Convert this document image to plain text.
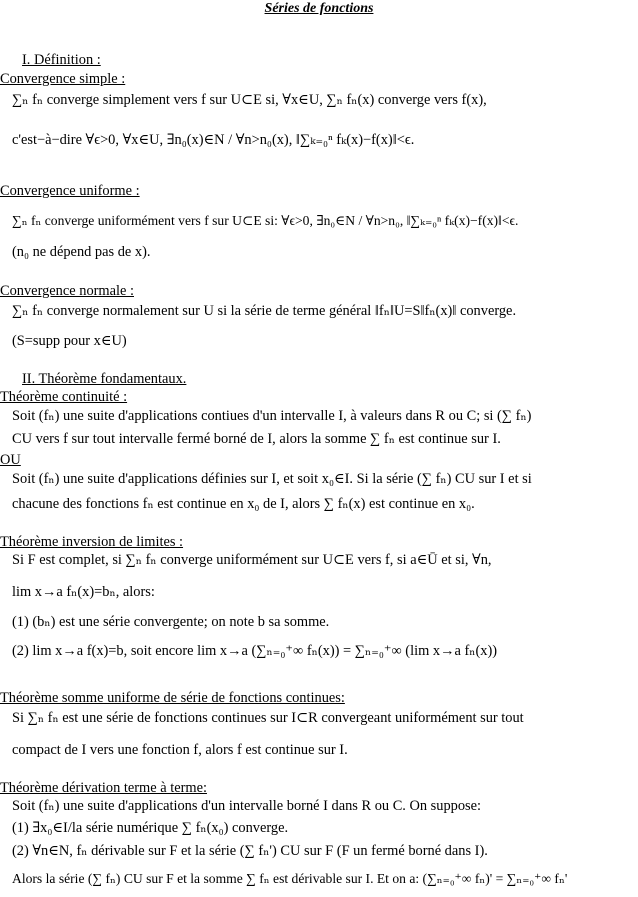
Séries de fonctions
I. Définition :
Convergence simple :
∑ₙ fₙ converge simplement vers f sur U⊂E si, ∀x∈U, ∑ₙ fₙ(x) converge vers f(x),
c'est−à−dire ∀ϵ>0, ∀x∈U, ∃n₀(x)∈N / ∀n>n₀(x), ‖∑ₖ₌₀ⁿ fₖ(x)−f(x)‖<ϵ.
Convergence uniforme :
∑ₙ fₙ converge uniformément vers f sur U⊂E si: ∀ϵ>0, ∃n₀∈N / ∀n>n₀, ‖∑ₖ₌₀ⁿ fₖ(x)−f(x)‖<ϵ.
(n₀ ne dépend pas de x).
Convergence normale :
∑ₙ fₙ converge normalement sur U si la série de terme général ‖fₙ‖U=S‖fₙ(x)‖ converge.
(S=supp pour x∈U)
II. Théorème fondamentaux.
Théorème continuité :
Soit (fₙ) une suite d'applications contiues d'un intervalle I, à valeurs dans R ou C; si (∑ fₙ)
CU vers f sur tout intervalle fermé borné de I, alors la somme ∑ fₙ est continue sur I.
OU
Soit (fₙ) une suite d'applications définies sur I, et soit x₀∈I. Si la série (∑ fₙ) CU sur I et si
chacune des fonctions fₙ est continue en x₀ de I, alors ∑ fₙ(x) est continue en x₀.
Théorème inversion de limites :
Si F est complet, si ∑ₙ fₙ converge uniformément sur U⊂E vers f, si a∈Ū et si, ∀n,
lim x→a fₙ(x)=bₙ, alors:
(1) (bₙ) est une série convergente; on note b sa somme.
(2) lim x→a f(x)=b, soit encore lim x→a (∑ₙ₌₀⁺∞ fₙ(x)) = ∑ₙ₌₀⁺∞ (lim x→a fₙ(x))
Théorème somme uniforme de série de fonctions continues:
Si ∑ₙ fₙ est une série de fonctions continues sur I⊂R convergeant uniformément sur tout
compact de I vers une fonction f, alors f est continue sur I.
Théorème dérivation terme à terme:
Soit (fₙ) une suite d'applications d'un intervalle borné I dans R ou C. On suppose:
(1) ∃x₀∈I/la série numérique ∑ fₙ(x₀) converge.
(2) ∀n∈N, fₙ dérivable sur F et la série (∑ fₙ') CU sur F (F un fermé borné dans I).
Alors la série (∑ fₙ) CU sur F et la somme ∑ fₙ est dérivable sur I. Et on a: (∑ₙ₌₀⁺∞ fₙ)' = ∑ₙ₌₀⁺∞ fₙ'
